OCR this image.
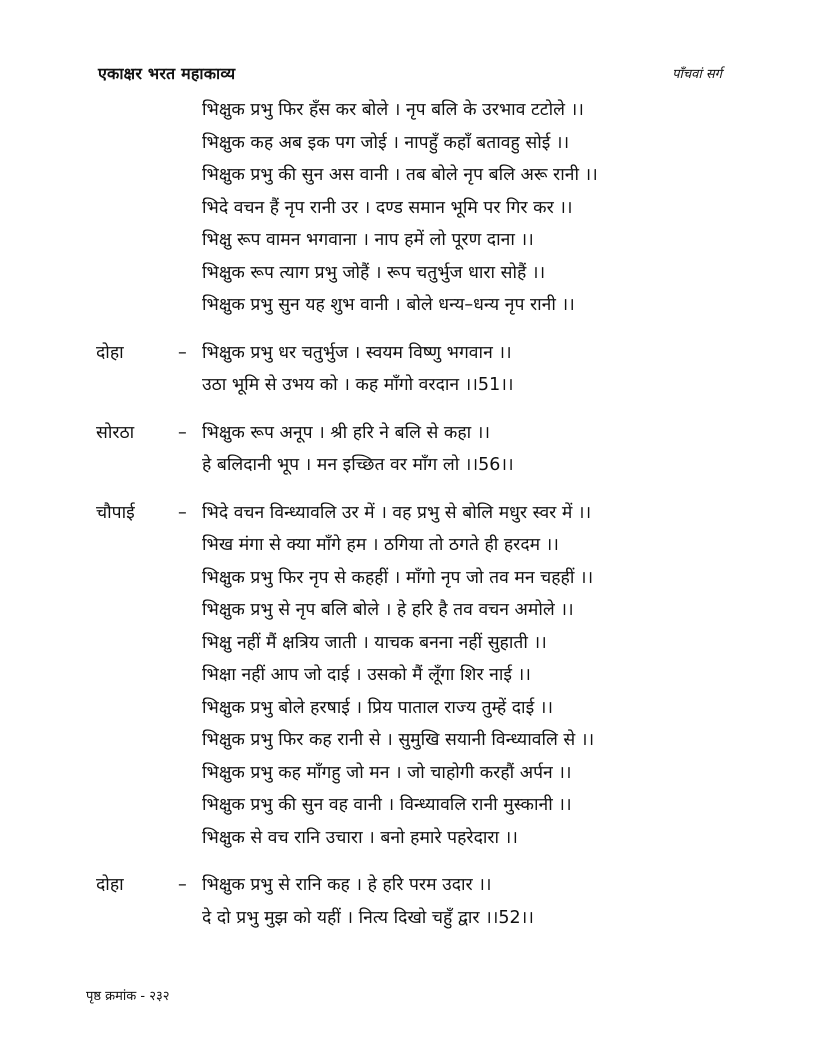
एकाक्षर भरत महाकाव्य	पाँचवां सर्ग
भिक्षुक प्रभु फिर हँस कर बोले । नृप बलि के उरभाव टटोले ।।
भिक्षुक कह अब इक पग जोई । नापहुँ कहाँ बतावहु सोई ।।
भिक्षुक प्रभु की सुन अस वानी । तब बोले नृप बलि अरू रानी ।।
भिदे वचन हैं नृप रानी उर । दण्ड समान भूमि पर गिर कर ।।
भिक्षु रूप वामन भगवाना । नाप हमें लो पूरण दाना ।।
भिक्षुक रूप त्याग प्रभु जोहैं । रूप चतुर्भुज धारा सोहैं ।।
भिक्षुक प्रभु सुन यह शुभ वानी । बोले धन्य–धन्य नृप रानी ।।
दोहा	– भिक्षुक प्रभु धर चतुर्भुज । स्वयम विष्णु भगवान ।।
उठा भूमि से उभय को । कह माँगो वरदान ।।51।।
सोरठा	– भिक्षुक रूप अनूप । श्री हरि ने बलि से कहा ।।
हे बलिदानी भूप । मन इच्छित वर माँग लो ।।56।।
चौपाई – भिदे वचन विन्ध्यावलि उर में । वह प्रभु से बोलि मधुर स्वर में ।।
भिख मंगा से क्या माँगे हम । ठगिया तो ठगते ही हरदम ।।
भिक्षुक प्रभु फिर नृप से कहहीं । माँगो नृप जो तव मन चहहीं ।।
भिक्षुक प्रभु से नृप बलि बोले । हे हरि है तव वचन अमोले ।।
भिक्षु नहीं मैं क्षत्रिय जाती । याचक बनना नहीं सुहाती ।।
भिक्षा नहीं आप जो दाई । उसको मैं लूँगा शिर नाई ।।
भिक्षुक प्रभु बोले हरषाई । प्रिय पाताल राज्य तुम्हें दाई ।।
भिक्षुक प्रभु फिर कह रानी से । सुमुखि सयानी विन्ध्यावलि से ।।
भिक्षुक प्रभु कह माँगहु जो मन । जो चाहोगी करहौं अर्पन ।।
भिक्षुक प्रभु की सुन वह वानी । विन्ध्यावलि रानी मुस्कानी ।।
भिक्षुक से वच रानि उचारा । बनो हमारे पहरेदारा ।।
दोहा	– भिक्षुक प्रभु से रानि कह । हे हरि परम उदार ।।
दे दो प्रभु मुझ को यहीं । नित्य दिखो चहुँ द्वार ।।52।।
पृष्ठ क्रमांक - २३२
